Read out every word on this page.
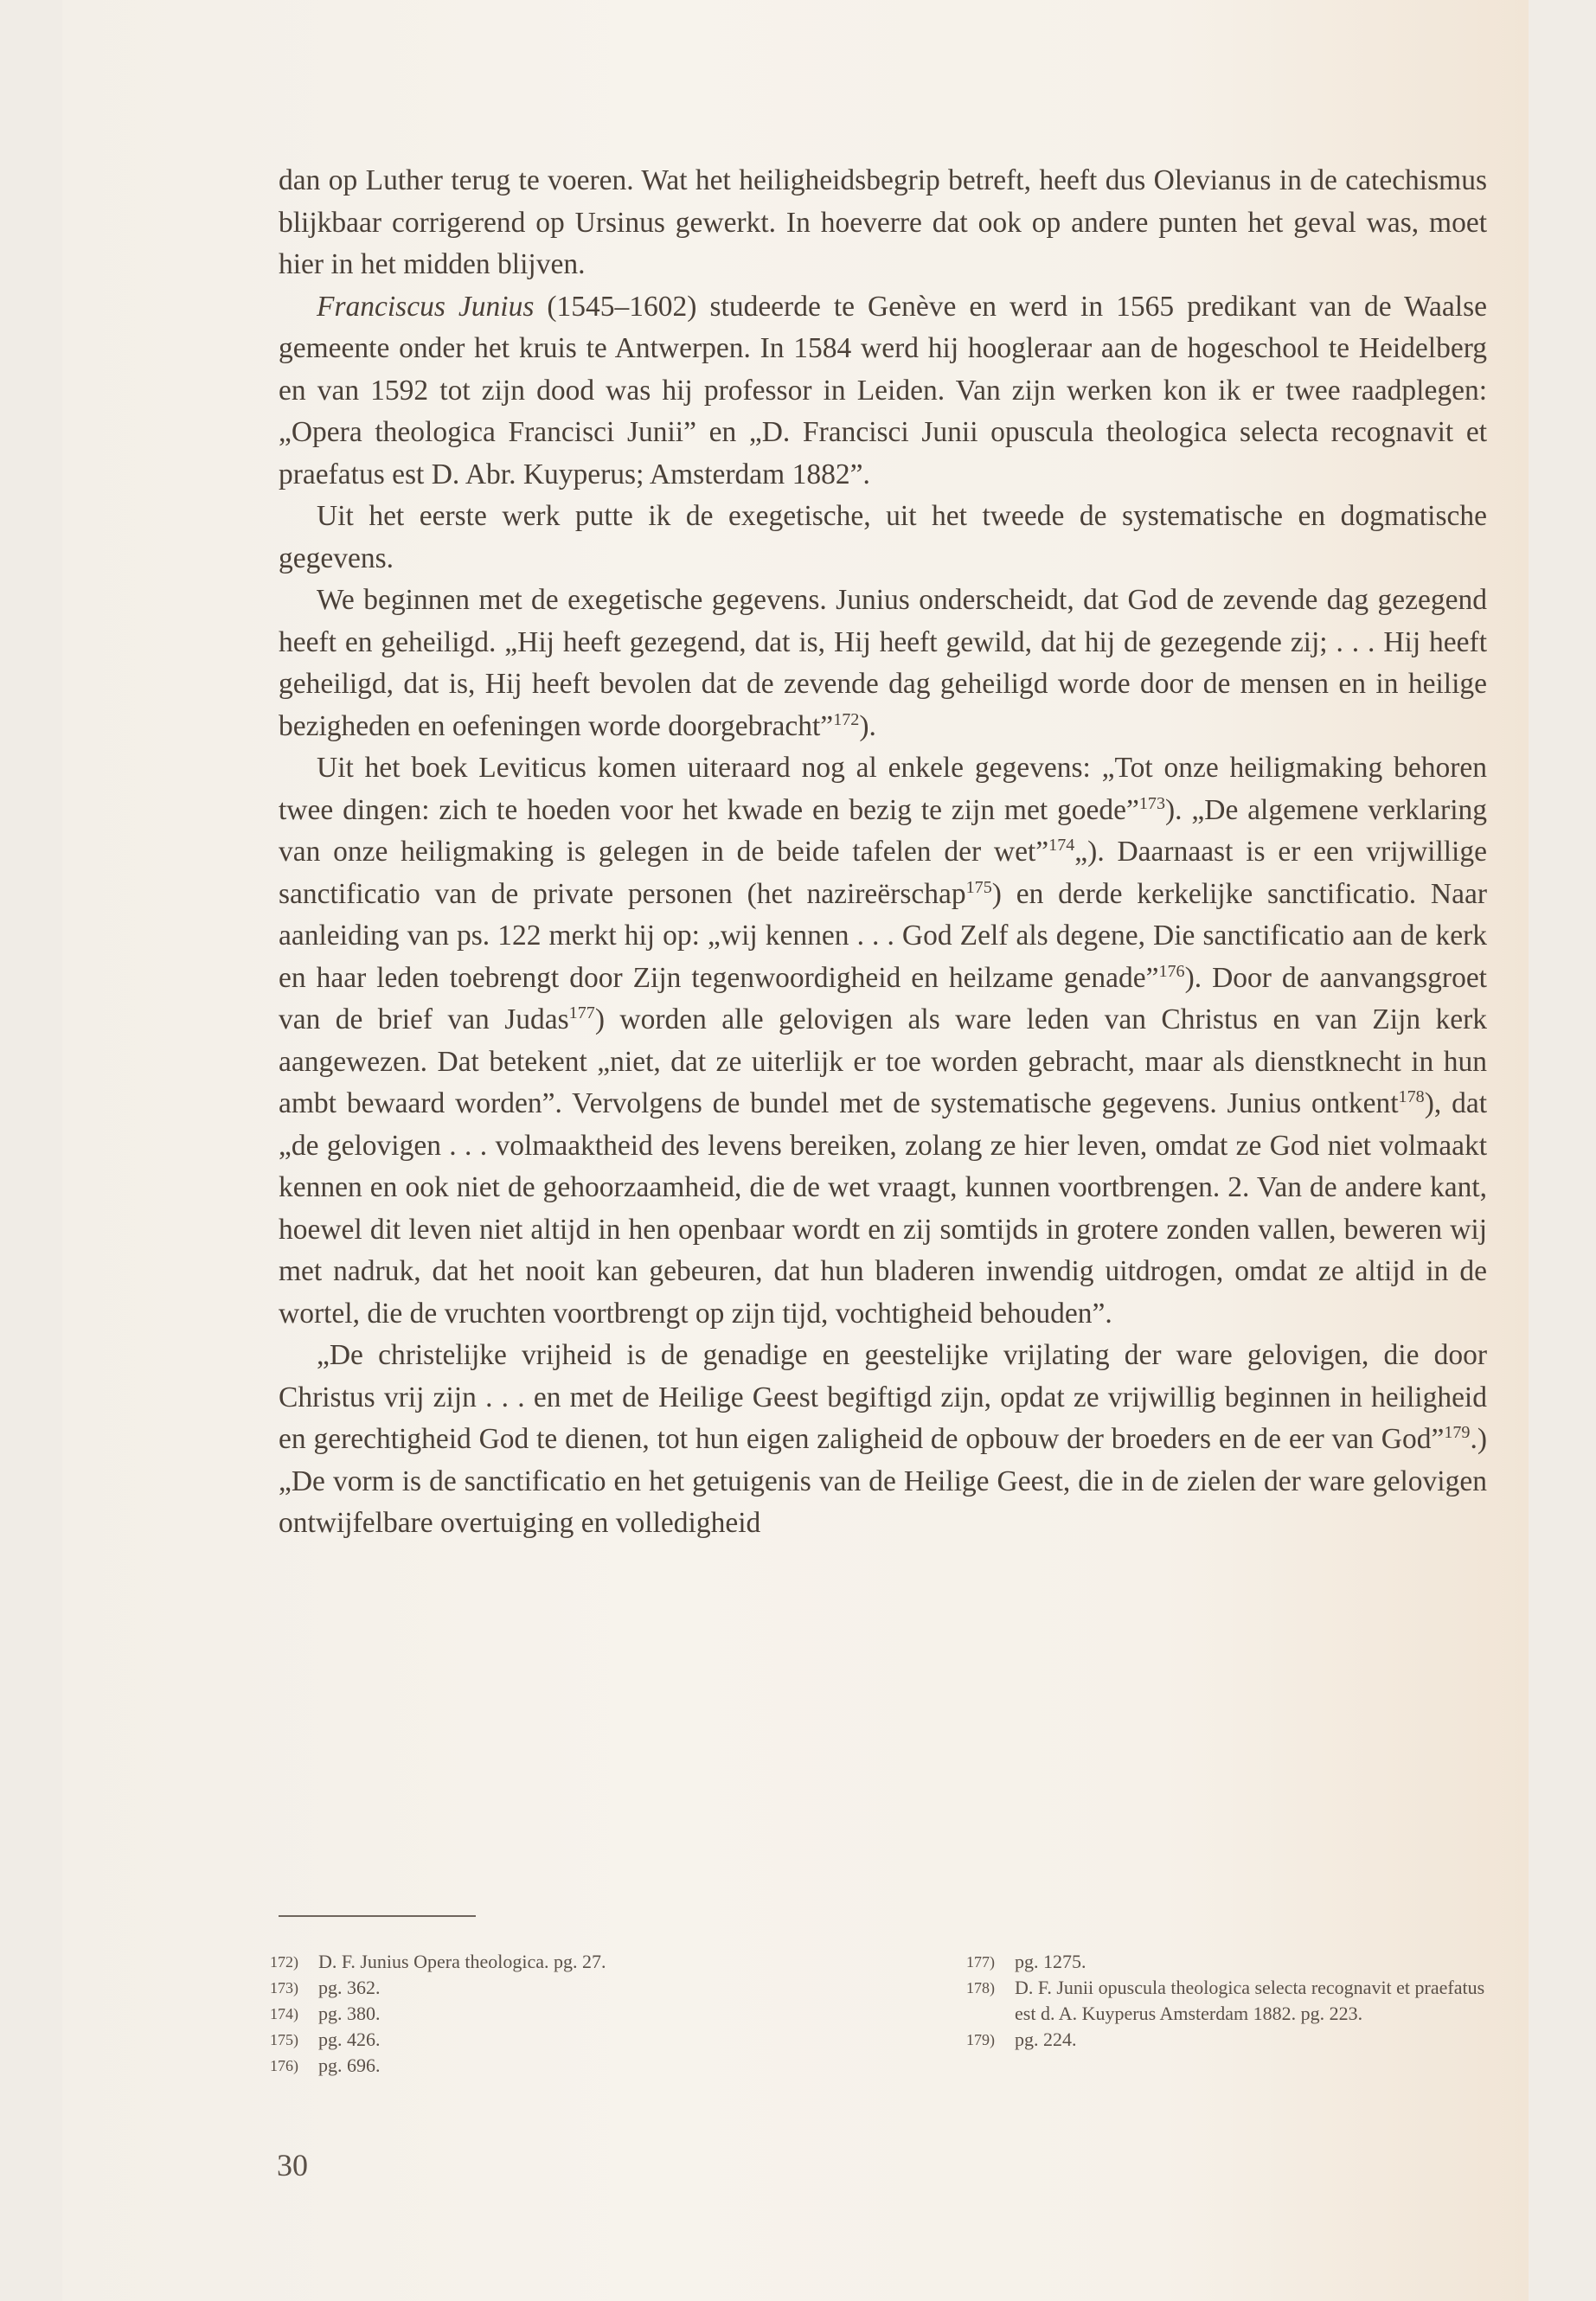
dan op Luther terug te voeren. Wat het heiligheidsbegrip betreft, heeft dus Olevianus in de catechismus blijkbaar corrigerend op Ursinus gewerkt. In hoeverre dat ook op andere punten het geval was, moet hier in het midden blijven.

Franciscus Junius (1545–1602) studeerde te Genève en werd in 1565 predikant van de Waalse gemeente onder het kruis te Antwerpen. In 1584 werd hij hoogleraar aan de hogeschool te Heidelberg en van 1592 tot zijn dood was hij professor in Leiden. Van zijn werken kon ik er twee raadplegen: „Opera theologica Francisci Junii” en „D. Francisci Junii opuscula theologica selecta recognavit et praefatus est D. Abr. Kuyperus; Amsterdam 1882”.

Uit het eerste werk putte ik de exegetische, uit het tweede de systematische en dogmatische gegevens.

We beginnen met de exegetische gegevens. Junius onderscheidt, dat God de zevende dag gezegend heeft en geheiligd. „Hij heeft gezegend, dat is, Hij heeft gewild, dat hij de gezegende zij; . . . Hij heeft geheiligd, dat is, Hij heeft bevolen dat de zevende dag geheiligd worde door de mensen en in heilige bezigheden en oefeningen worde doorgebracht”$^{172}$).

Uit het boek Leviticus komen uiteraard nog al enkele gegevens: „Tot onze heiligmaking behoren twee dingen: zich te hoeden voor het kwade en bezig te zijn met goede”$^{173}$). „De algemene verklaring van onze heiligmaking is gelegen in de beide tafelen der wet”$^{174}$„). Daarnaast is er een vrijwillige sanctificatio van de private personen (het nazireërschap$^{175}$) en derde kerkelijke sanctificatio. Naar aanleiding van ps. 122 merkt hij op: „wij kennen . . . God Zelf als degene, Die sanctificatio aan de kerk en haar leden toebrengt door Zijn tegenwoordigheid en heilzame genade”$^{176}$). Door de aanvangsgroet van de brief van Judas$^{177}$) worden alle gelovigen als ware leden van Christus en van Zijn kerk aangewezen. Dat betekent „niet, dat ze uiterlijk er toe worden gebracht, maar als dienstknecht in hun ambt bewaard worden”. Vervolgens de bundel met de systematische gegevens. Junius ontkent$^{178}$), dat „de gelovigen . . . volmaaktheid des levens bereiken, zolang ze hier leven, omdat ze God niet volmaakt kennen en ook niet de gehoorzaamheid, die de wet vraagt, kunnen voortbrengen. 2. Van de andere kant, hoewel dit leven niet altijd in hen openbaar wordt en zij somtijds in grotere zonden vallen, beweren wij met nadruk, dat het nooit kan gebeuren, dat hun bladeren inwendig uitdrogen, omdat ze altijd in de wortel, die de vruchten voortbrengt op zijn tijd, vochtigheid behouden”.

„De christelijke vrijheid is de genadige en geestelijke vrijlating der ware gelovigen, die door Christus vrij zijn . . . en met de Heilige Geest begiftigd zijn, opdat ze vrijwillig beginnen in heiligheid en gerechtigheid God te dienen, tot hun eigen zaligheid de opbouw der broeders en de eer van God”$^{179}$.) „De vorm is de sanctificatio en het getuigenis van de Heilige Geest, die in de zielen der ware gelovigen ontwijfelbare overtuiging en volledigheid

172)	D. F. Junius Opera theologica. pg. 27.
173)	pg. 362.
174)	pg. 380.
175)	pg. 426.
176)	pg. 696.
177)	pg. 1275.
178)	D. F. Junii opuscula theologica selecta recognavit et praefatus est d. A. Kuyperus Amsterdam 1882. pg. 223.
179)	pg. 224.
30
